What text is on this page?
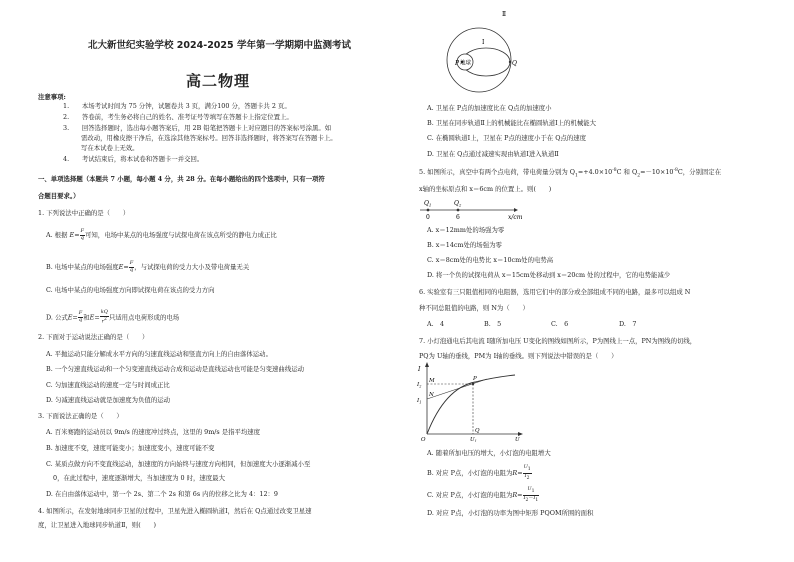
北大新世纪实验学校 2024-2025 学年第一学期期中监测考试
高二物理
注意事项:
1.　　本场考试时间为 75 分钟，试题卷共 3 页，满分100 分，答题卡共 2 页。
2.　　答卷前，考生务必将自己的姓名、准考证号等填写在答题卡上指定位置上。
3.　　回答选择题时，选出每小题答案后，用 2B 铅笔把答题卡上对应题目的答案标号涂黑。如
需改动，用橡皮擦干净后，在选涂其他答案标号。回答非选择题时，将答案写在答题卡上。
写在本试卷上无效。
4.　　考试结束后，将本试卷和答题卡一并交回。
一、单项选择题（本题共 7 小题，每小题 4 分，共 28 分。在每小题给出的四个选项中，只有一项符
合题目要求。）
1. 下列说法中正确的是（　　）
A. 根据 $E= \frac{F}{q}$ 可知，电场中某点的电场强度与试探电荷在该点所受的静电力成正比
B. 电场中某点的电场强度$E= \frac{F}{q}$ ，与试探电荷的受力大小及带电荷量无关
C. 电场中某点的电场强度方向即试探电荷在该点的受力方向
D. 公式$E= \frac{F}{q}$ 和$E= \frac{kQ}{r2}$ 只适用点电荷形成的电场
2. 下面对于运动说法正确的是（　　）
A. 平抛运动只能分解成水平方向的匀速直线运动和竖直方向上的自由落体运动。
B. 一个匀速直线运动和一个匀变速直线运动合成和运动是直线运动也可能是匀变速曲线运动
C. 匀加速直线运动的速度一定与时间成正比
D. 匀减速直线运动就是加速度为负值的运动
3. 下面说法正确的是（　　）
A. 百米赛跑的运动员以 9m/s 的速度冲过终点，这里的 9m/s 是指平均速度
B. 加速度不变，速度可能变小；加速度变小，速度可能不变
C. 某质点做方向不变直线运动，加速度的方向始终与速度方向相同，但加速度大小逐渐减小至
0，在此过程中，速度逐渐增大，当加速度为 0 时，速度最大
D. 在自由落体运动中，第一个 2s、第二个 2s 和第 6s 内的位移之比为 4：12：9
4. 如图所示，在发射地球同步卫星的过程中，卫星先进入椭圆轨道Ⅰ，然后在 Q点通过改变卫星速
度，让卫星进入地球同步轨道Ⅱ，则(　　)
地球
P	Q
Ⅰ
Ⅱ
A. 卫星在 P点的加速度比在 Q点的加速度小
B. 卫星在同步轨道Ⅱ上的机械能比在椭圆轨道Ⅰ上的机械能大
C. 在椭圆轨道Ⅰ上，卫星在 P点的速度小于在 Q点的速度
D. 卫星在 Q点通过减速实现由轨道Ⅰ进入轨道Ⅱ
5. 如图所示，真空中有两个点电荷，带电荷量分别为 $Q_1=+4.0\times 10^{-8}C$ 和 $Q_2=-10\times 10^{-8}C$，分别固定在
x轴的坐标原点和 x＝6cm 的位置上。则(　　)
$Q_1$	$Q_2$
0	6	x/cm
A. x＝12mm处的场强为零
B. x＝14cm处的场强为零
C. x＝8cm处的电势比 x＝10cm处的电势高
D. 将一个负的试探电荷从 x＝15cm处移动到 x＝20cm 处的过程中，它的电势能减少
6. 实验室有三只阻值相同的电阻器，选用它们中的部分或全部组成不同的电路，最多可以组成 N
种不同总阻值的电路，则 N为（　　）
A.　4	B.　5	C.　6	D.　7
7. 小灯泡通电后其电流 I随所加电压 U变化的图线如图所示，P为图线上一点，PN为图线的切线，
PQ为 U轴的垂线，PM为 I轴的垂线。则下列说法中错误的是（　　）
I
$I_2$
$I_1$
M
N
P
O
Q
$U_1$	U
A. 随着所加电压的增大，小灯泡的电阻增大
B. 对应 P点，小灯泡的电阻为$R= \frac{U1}{I2}$
C. 对应 P点，小灯泡的电阻为$R= \frac{U1}{I2-I1}$
D. 对应 P点，小灯泡的功率为图中矩形 PQOM所围的面积
